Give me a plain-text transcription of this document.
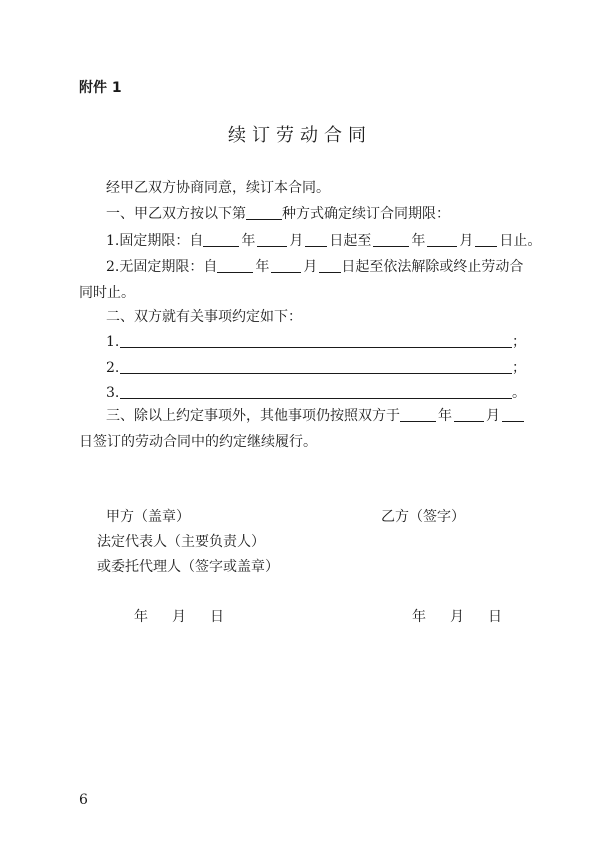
附件 1
续订劳动合同
经甲乙双方协商同意，续订本合同。
一、甲乙双方按以下第	种方式确定续订合同期限：
1.固定期限：自	年 月 日起至	年 月 日止。
2.无固定期限：自	年 月 日起至依法解除或终止劳动合同时止。
二、双方就有关事项约定如下：
1.	；
2.	；
3.	。
三、除以上约定事项外，其他事项仍按照双方于	年 月日签订的劳动合同中的约定继续履行。
甲方（盖章）	乙方（签字）
法定代表人（主要负责人）
或委托代理人（签字或盖章）
年 月 日	年 月 日
6
